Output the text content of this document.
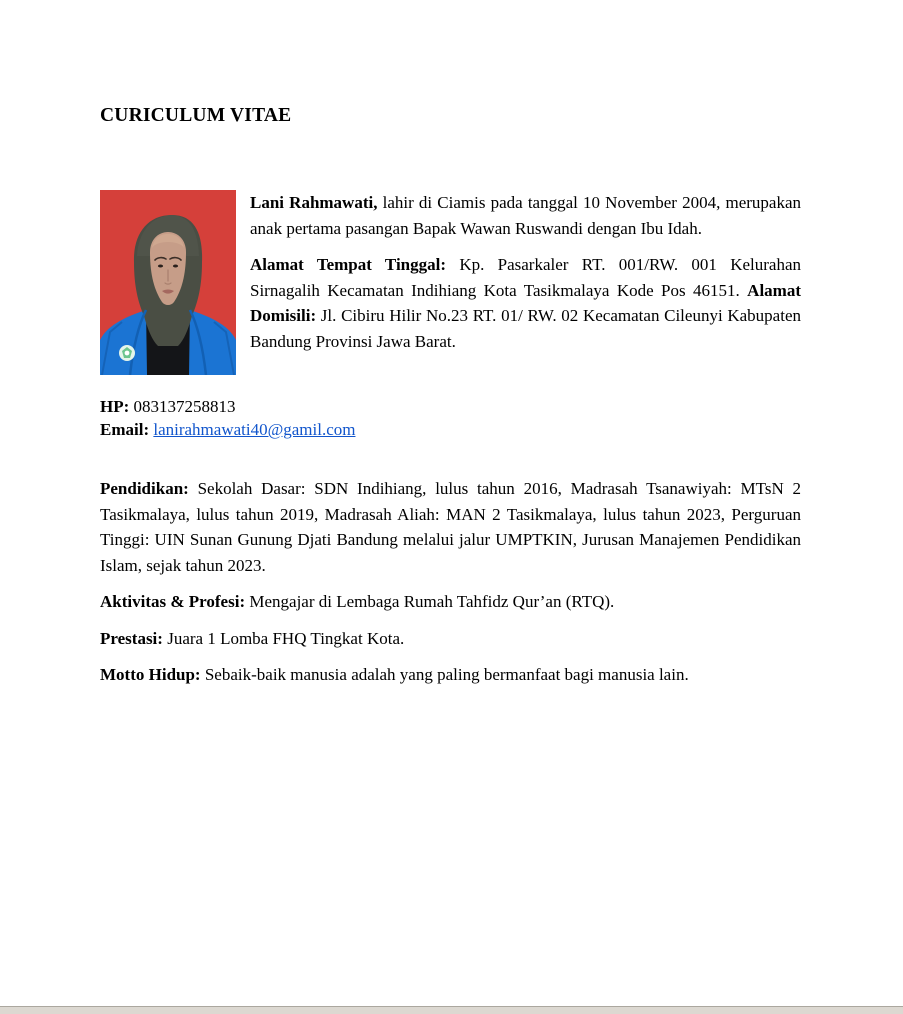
CURICULUM VITAE

Lani Rahmawati, lahir di Ciamis pada tanggal 10 November 2004, merupakan anak pertama pasangan Bapak Wawan Ruswandi dengan Ibu Idah.

Alamat Tempat Tinggal: Kp. Pasarkaler RT. 001/RW. 001 Kelurahan Sirnagalih Kecamatan Indihiang Kota Tasikmalaya Kode Pos 46151. Alamat Domisili: Jl. Cibiru Hilir No.23 RT. 01/ RW. 02 Kecamatan Cileunyi Kabupaten Bandung Provinsi Jawa Barat.

HP: 083137258813
Email: lanirahmawati40@gamil.com

Pendidikan: Sekolah Dasar: SDN Indihiang, lulus tahun 2016, Madrasah Tsanawiyah: MTsN 2 Tasikmalaya, lulus tahun 2019, Madrasah Aliah: MAN 2 Tasikmalaya, lulus tahun 2023, Perguruan Tinggi: UIN Sunan Gunung Djati Bandung melalui jalur UMPTKIN, Jurusan Manajemen Pendidikan Islam, sejak tahun 2023.

Aktivitas & Profesi: Mengajar di Lembaga Rumah Tahfidz Qur’an (RTQ).

Prestasi: Juara 1 Lomba FHQ Tingkat Kota.

Motto Hidup: Sebaik-baik manusia adalah yang paling bermanfaat bagi manusia lain.
